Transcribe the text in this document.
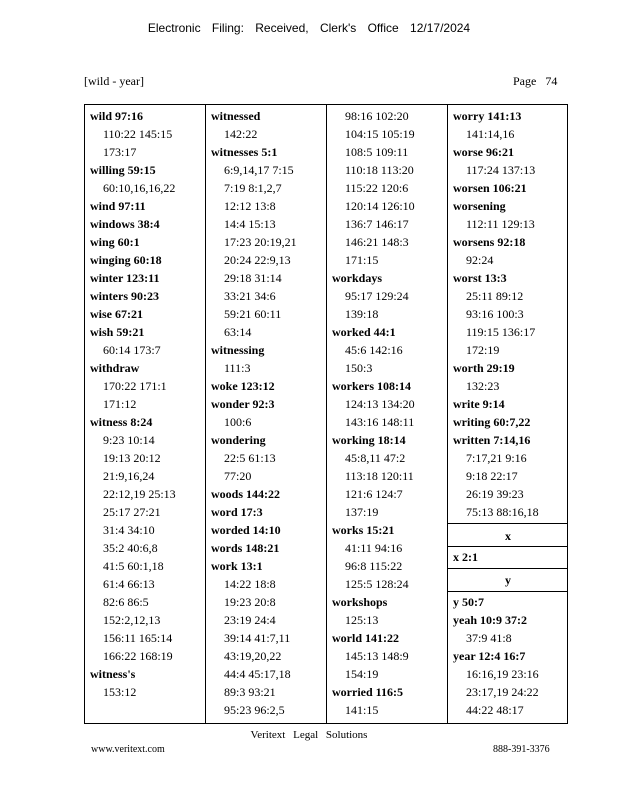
Electronic Filing: Received, Clerk's Office 12/17/2024
[wild - year]	Page 74
wild 97:16
110:22 145:15
173:17
willing 59:15
60:10,16,16,22
wind 97:11
windows 38:4
wing 60:1
winging 60:18
winter 123:11
winters 90:23
wise 67:21
wish 59:21
60:14 173:7
withdraw
170:22 171:1
171:12
witness 8:24
9:23 10:14
19:13 20:12
21:9,16,24
22:12,19 25:13
25:17 27:21
31:4 34:10
35:2 40:6,8
41:5 60:1,18
61:4 66:13
82:6 86:5
152:2,12,13
156:11 165:14
166:22 168:19
witness's
153:12
witnessed
142:22
witnesses 5:1
6:9,14,17 7:15
7:19 8:1,2,7
12:12 13:8
14:4 15:13
17:23 20:19,21
20:24 22:9,13
29:18 31:14
33:21 34:6
59:21 60:11
63:14
witnessing
111:3
woke 123:12
wonder 92:3
100:6
wondering
22:5 61:13
77:20
woods 144:22
word 17:3
worded 14:10
words 148:21
work 13:1
14:22 18:8
19:23 20:8
23:19 24:4
39:14 41:7,11
43:19,20,22
44:4 45:17,18
89:3 93:21
95:23 96:2,5
98:16 102:20
104:15 105:19
108:5 109:11
110:18 113:20
115:22 120:6
120:14 126:10
136:7 146:17
146:21 148:3
171:15
workdays
95:17 129:24
139:18
worked 44:1
45:6 142:16
150:3
workers 108:14
124:13 134:20
143:16 148:11
working 18:14
45:8,11 47:2
113:18 120:11
121:6 124:7
137:19
works 15:21
41:11 94:16
96:8 115:22
125:5 128:24
workshops
125:13
world 141:22
145:13 148:9
154:19
worried 116:5
141:15
worry 141:13
141:14,16
worse 96:21
117:24 137:13
worsen 106:21
worsening
112:11 129:13
worsens 92:18
92:24
worst 13:3
25:11 89:12
93:16 100:3
119:15 136:17
172:19
worth 29:19
132:23
write 9:14
writing 60:7,22
written 7:14,16
7:17,21 9:16
9:18 22:17
26:19 39:23
75:13 88:16,18
x
x 2:1
y
y 50:7
yeah 10:9 37:2
37:9 41:8
year 12:4 16:7
16:16,19 23:16
23:17,19 24:22
44:22 48:17
Veritext Legal Solutions
www.veritext.com	888-391-3376
